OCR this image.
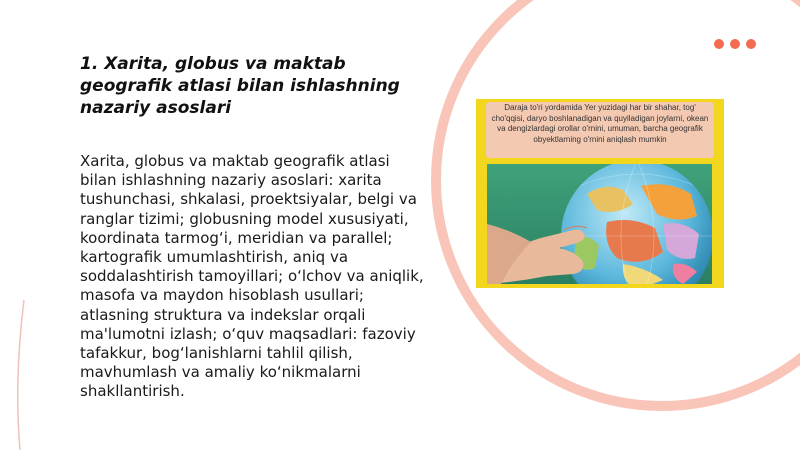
1. Xarita, globus va maktab geografik atlasi bilan ishlashning nazariy asoslari

Xarita, globus va maktab geografik atlasi bilan ishlashning nazariy asoslari: xarita tushunchasi, shkalasi, proektsiyalar, belgi va ranglar tizimi; globusning model xususiyati, koordinata tarmog‘i, meridian va parallel; kartografik umumlashtirish, aniq va soddalashtirish tamoyillari; o‘lchov va aniqlik, masofa va maydon hisoblash usullari; atlasning struktura va indekslar orqali ma'lumotni izlash; o‘quv maqsadlari: fazoviy tafakkur, bog‘lanishlarni tahlil qilish, mavhumlash va amaliy ko‘nikmalarni shakllantirish.

Daraja to'ri yordamida Yer yuzidagi har bir shahar, tog' cho'qqisi, daryo boshlanadigan va quyiladigan joylarni, okean va dengizlardagi orollar o'rnini, umuman, barcha geografik obyektlarning o'rnini aniqlash mumkin
